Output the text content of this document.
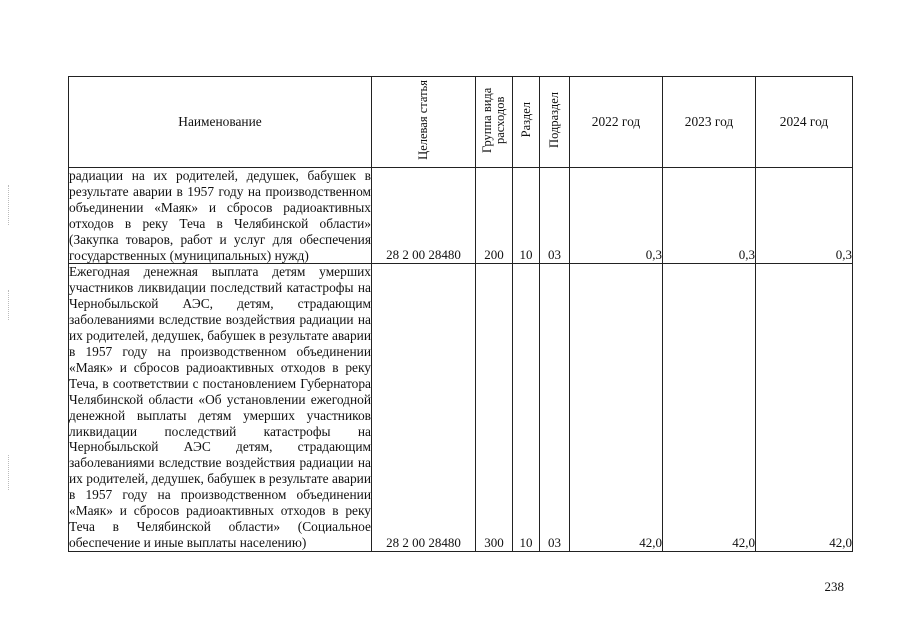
Наименование	Целевая статья	Группа вида расходов	Раздел	Подраздел	2022 год	2023 год	2024 год

радиации на их родителей, дедушек, бабушек в результате аварии в 1957 году на производственном объединении «Маяк» и сбросов радиоактивных отходов в реку Теча в Челябинской области» (Закупка товаров, работ и услуг для обеспечения государственных (муниципальных) нужд)	28 2 00 28480	200	10	03	0,3	0,3	0,3

Ежегодная денежная выплата детям умерших участников ликвидации последствий катастрофы на Чернобыльской АЭС, детям, страдающим заболеваниями вследствие воздействия радиации на их родителей, дедушек, бабушек в результате аварии в 1957 году на производственном объединении «Маяк» и сбросов радиоактивных отходов в реку Теча, в соответствии с постановлением Губернатора Челябинской области «Об установлении ежегодной денежной выплаты детям умерших участников ликвидации последствий катастрофы на Чернобыльской АЭС детям, страдающим заболеваниями вследствие воздействия радиации на их родителей, дедушек, бабушек в результате аварии в 1957 году на производственном объединении «Маяк» и сбросов радиоактивных отходов в реку Теча в Челябинской области» (Социальное обеспечение и иные выплаты населению)	28 2 00 28480	300	10	03	42,0	42,0	42,0
238
